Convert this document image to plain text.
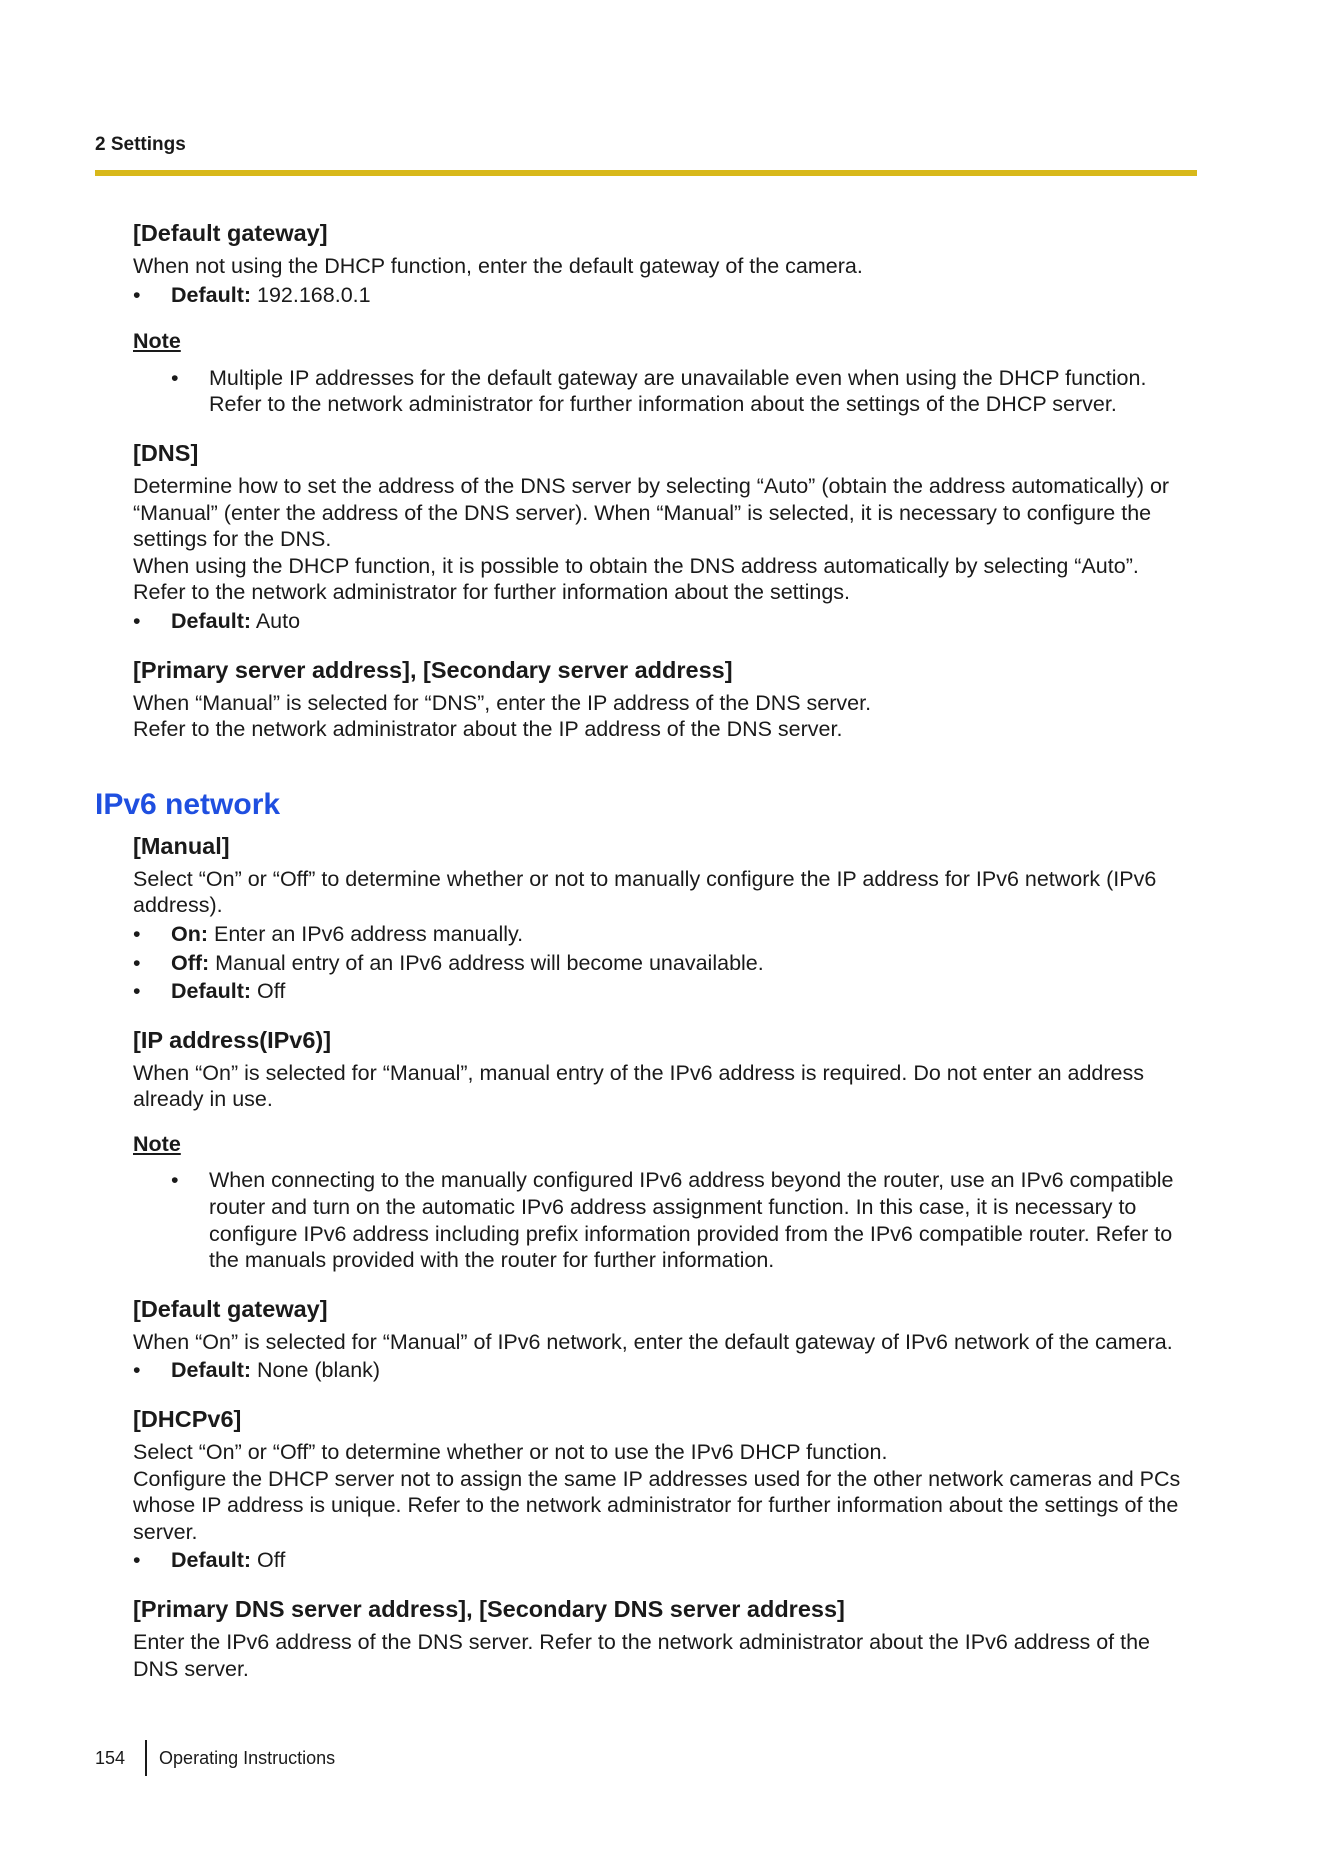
2 Settings
[Default gateway]

When not using the DHCP function, enter the default gateway of the camera.

• Default: 192.168.0.1
Note
• Multiple IP addresses for the default gateway are unavailable even when using the DHCP function. Refer to the network administrator for further information about the settings of the DHCP server.
[DNS]

Determine how to set the address of the DNS server by selecting “Auto” (obtain the address automatically) or “Manual” (enter the address of the DNS server). When “Manual” is selected, it is necessary to configure the settings for the DNS.

When using the DHCP function, it is possible to obtain the DNS address automatically by selecting “Auto”.

Refer to the network administrator for further information about the settings.

• Default: Auto
[Primary server address], [Secondary server address]

When “Manual” is selected for “DNS”, enter the IP address of the DNS server.

Refer to the network administrator about the IP address of the DNS server.

IPv6 network
[Manual]

Select “On” or “Off” to determine whether or not to manually configure the IP address for IPv6 network (IPv6 address).

• On: Enter an IPv6 address manually.
• Off: Manual entry of an IPv6 address will become unavailable.
• Default: Off
[IP address(IPv6)]

When “On” is selected for “Manual”, manual entry of the IPv6 address is required. Do not enter an address already in use.

Note
• When connecting to the manually configured IPv6 address beyond the router, use an IPv6 compatible router and turn on the automatic IPv6 address assignment function. In this case, it is necessary to configure IPv6 address including prefix information provided from the IPv6 compatible router. Refer to the manuals provided with the router for further information.
[Default gateway]

When “On” is selected for “Manual” of IPv6 network, enter the default gateway of IPv6 network of the camera.

• Default: None (blank)
[DHCPv6]

Select “On” or “Off” to determine whether or not to use the IPv6 DHCP function.

Configure the DHCP server not to assign the same IP addresses used for the other network cameras and PCs whose IP address is unique. Refer to the network administrator for further information about the settings of the server.

• Default: Off
[Primary DNS server address], [Secondary DNS server address]

Enter the IPv6 address of the DNS server. Refer to the network administrator about the IPv6 address of the DNS server.

154 Operating Instructions
